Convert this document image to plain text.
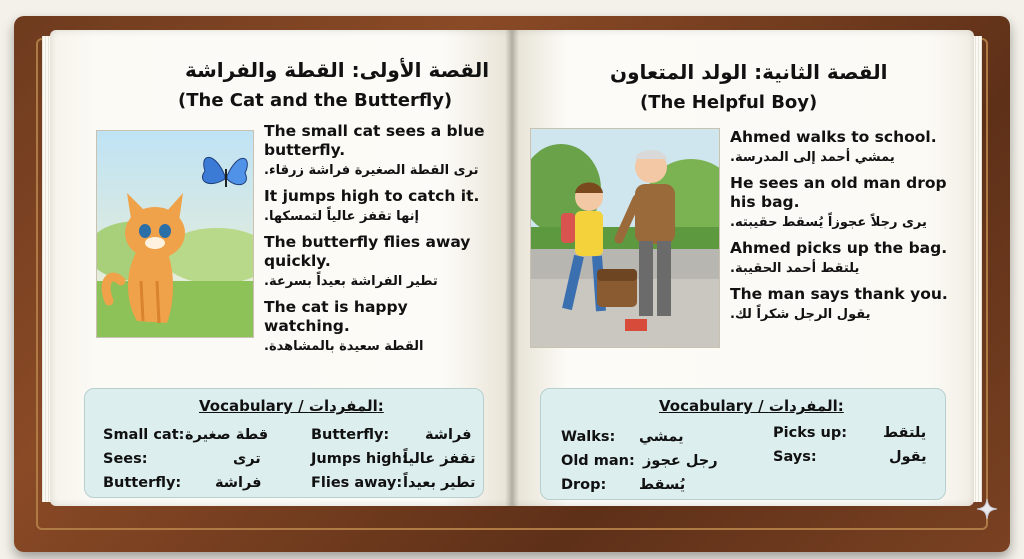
القصة الأولى: القطة والفراشة
(The Cat and the Butterfly)
The small cat sees a blue butterfly.
ترى القطة الصغيرة فراشة زرقاء.
It jumps high to catch it.
إنها تقفز عالياً لتمسكها.
The butterfly flies away quickly.
تطير الفراشة بعيداً بسرعة.
The cat is happy watching.
القطة سعيدة بالمشاهدة.
Vocabulary / المفردات:
Small cat: قطة صغيرة
Sees:	ترى
Butterfly: فراشة
Butterfly: فراشة
Jumps high:
تقفز عالياً
Flies away: تطير بعيداً
القصة الثانية: الولد المتعاون
(The Helpful Boy)
Ahmed walks to school.
يمشي أحمد إلى المدرسة.
He sees an old man drop his bag.
يرى رجلاً عجوزاً يُسقط حقيبته.
Ahmed picks up the bag.
يلتقط أحمد الحقيبة.
The man says thank you.
يقول الرجل شكراً لك.
Vocabulary / المفردات:
Walks: يمشي
Old man: رجل عجوز
Drop: يُسقط
Picks up: يلتقط
Says:	يقول
